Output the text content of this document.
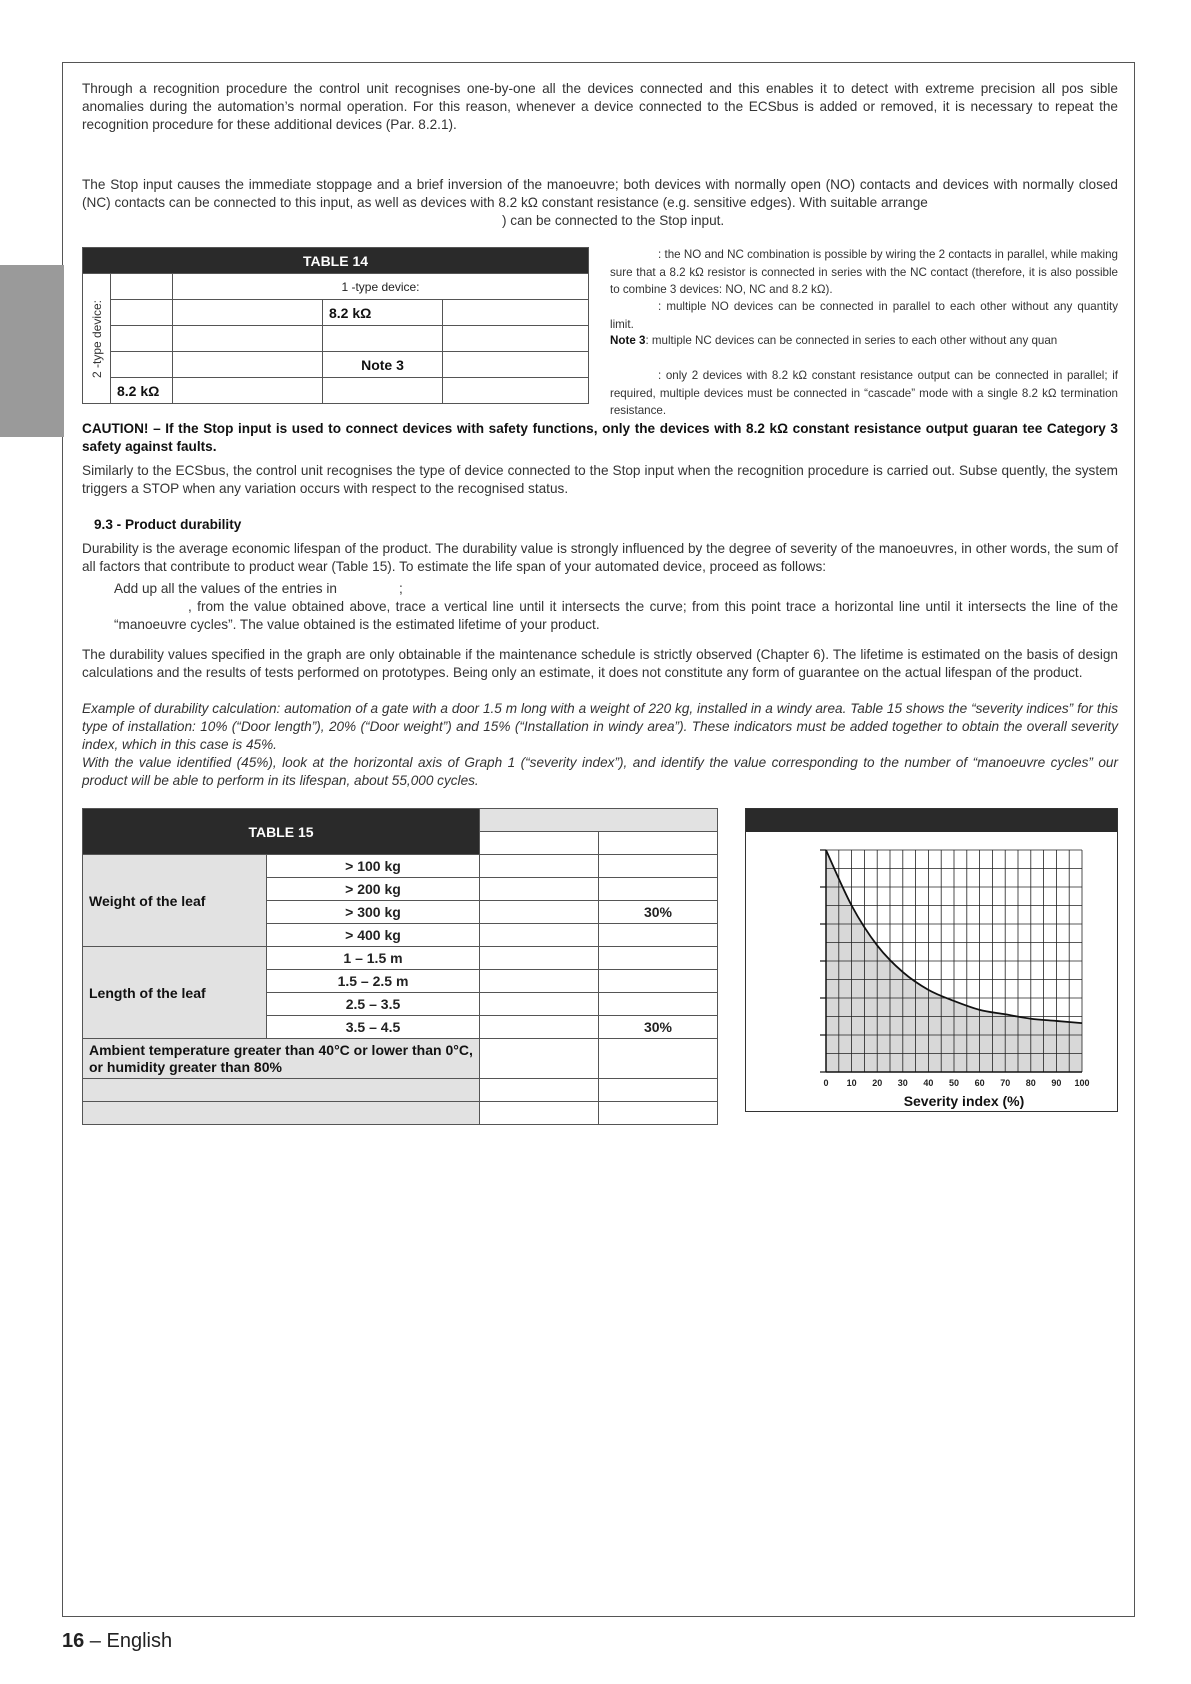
Through a recognition procedure the control unit recognises one-by-one all the devices connected and this enables it to detect with extreme precision all pos sible anomalies during the automation’s normal operation. For this reason, whenever a device connected to the ECSbus is added or removed, it is necessary to repeat the recognition procedure for these additional devices (Par. 8.2.1).

The Stop input causes the immediate stoppage and a brief inversion of the manoeuvre; both devices with normally open (NO) contacts and devices with normally closed (NC) contacts can be connected to this input, as well as devices with 8.2 kΩ constant resistance (e.g. sensitive edges). With suitable arrange

) can be connected to the Stop input.

TABLE 14				

2 -type device:		1 -type device:		
			8.2 kΩ	

			Note 3	
	8.2 kΩ			

: the NO and NC combination is possible by wiring the 2 contacts in parallel, while making sure that a 8.2 kΩ resistor is connected in series with the NC contact (therefore, it is also possible to combine 3 devices: NO, NC and 8.2 kΩ).

: multiple NO devices can be connected in parallel to each other without any quantity limit.

Note 3: multiple NC devices can be connected in series to each other without any quan

: only 2 devices with 8.2 kΩ constant resistance output can be connected in parallel; if required, multiple devices must be connected in “cascade” mode with a single 8.2 kΩ termination resistance.

CAUTION! – If the Stop input is used to connect devices with safety functions, only the devices with 8.2 kΩ constant resistance output guaran tee Category 3 safety against faults.

Similarly to the ECSbus, the control unit recognises the type of device connected to the Stop input when the recognition procedure is carried out. Subse quently, the system triggers a STOP when any variation occurs with respect to the recognised status.

9.3 - Product durability

Durability is the average economic lifespan of the product. The durability value is strongly influenced by the degree of severity of the manoeuvres, in other words, the sum of all factors that contribute to product wear (Table 15). To estimate the life span of your automated device, proceed as follows:

Add up all the values of the entries in	;

, from the value obtained above, trace a vertical line until it intersects the curve; from this point trace a horizontal line until it intersects the line of the “manoeuvre cycles”. The value obtained is the estimated lifetime of your product.

The durability values specified in the graph are only obtainable if the maintenance schedule is strictly observed (Chapter 6). The lifetime is estimated on the basis of design calculations and the results of tests performed on prototypes. Being only an estimate, it does not constitute any form of guarantee on the actual lifespan of the product.

Example of durability calculation: automation of a gate with a door 1.5 m long with a weight of 220 kg, installed in a windy area. Table 15 shows the “severity indices” for this type of installation: 10% (“Door length”), 20% (“Door weight”) and 15% (“Installation in windy area”). These indicators must be added together to obtain the overall severity index, which in this case is 45%.

With the value identified (45%), look at the horizontal axis of Graph 1 (“severity index”), and identify the value corresponding to the number of “manoeuvre cycles” our product will be able to perform in its lifespan, about 55,000 cycles.

TABLE 15			

Weight of the leaf	> 100 kg		
	> 200 kg		
	> 300 kg		30%
	> 400 kg		
Length of the leaf	1 – 1.5 m		
	1.5 – 2.5 m		
	2.5 – 3.5		
	3.5 – 4.5		30%
Ambient temperature greater than 40°C or lower than 0°C, or humidity greater than 80%			

0 10 20 30 40 50 60 70 80 90 100
Severity index (%)
16 – English
